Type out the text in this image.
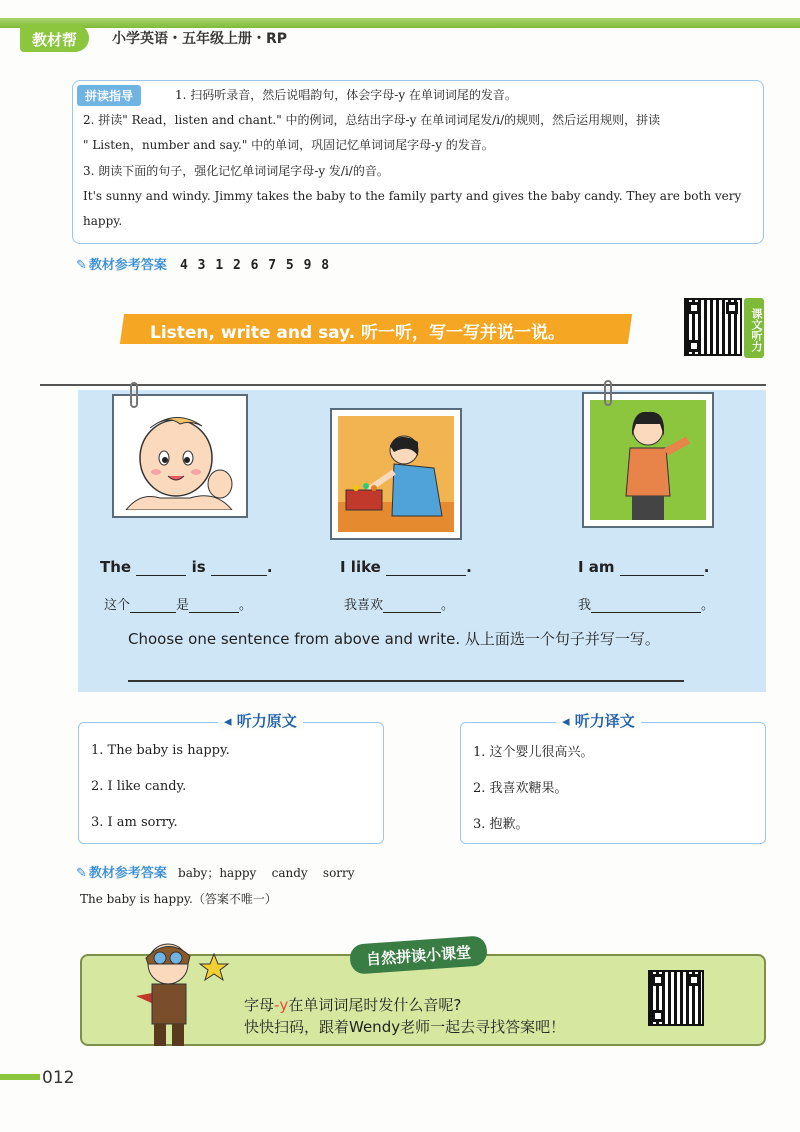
教材帮	小学英语・五年级上册・RP
拼读指导	1. 扫码听录音，然后说唱韵句，体会字母-y 在单词词尾的发音。
2. 拼读" Read，listen and chant." 中的例词，总结出字母-y 在单词词尾发/i/的规则，然后运用规则，拼读
" Listen，number and say." 中的单词，巩固记忆单词词尾字母-y 的发音。
3. 朗读下面的句子，强化记忆单词词尾字母-y 发/i/的音。
It's sunny and windy. Jimmy takes the baby to the family party and gives the baby candy. They are both very
happy.
✎ 教材参考答案 4 3 1 2 6 7 5 9 8
Listen, write and say. 听一听，写一写并说一说。	课文听力
The	is	.	I like	.	I am	.
这个	是	。	我喜欢	。	我	。
Choose one sentence from above and write. 从上面选一个句子并写一写。
1. The baby is happy.
2. I like candy.
3. I am sorry.
◂ 听力原文
1. 这个婴儿很高兴。
2. 我喜欢糖果。
3. 抱歉。
◂ 听力译文
✎ 教材参考答案 baby；happy    candy    sorry
The baby is happy.（答案不唯一）
自然拼读小课堂
字母-y在单词词尾时发什么音呢?
快快扫码，跟着Wendy老师一起去寻找答案吧！
012
